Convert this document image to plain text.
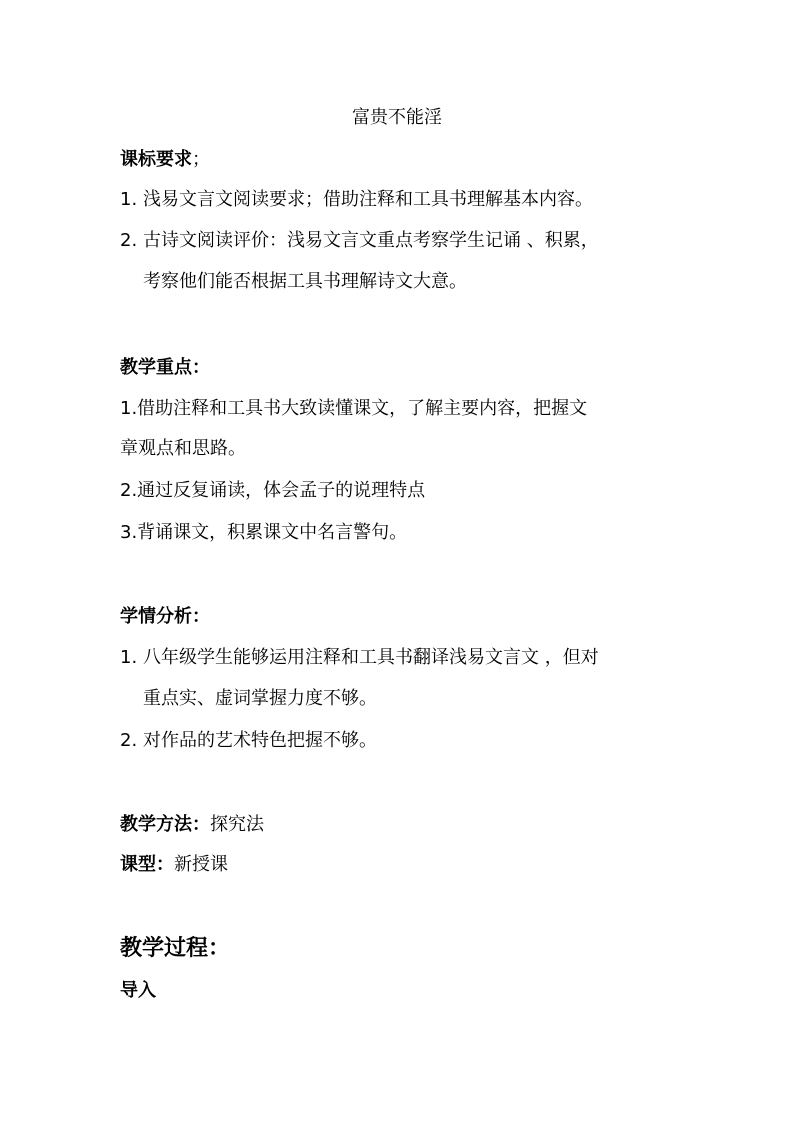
富贵不能淫
课标要求；
1. 浅易文言文阅读要求；借助注释和工具书理解基本内容。
2. 古诗文阅读评价：浅易文言文重点考察学生记诵 、积累，
考察他们能否根据工具书理解诗文大意。
教学重点：
1.借助注释和工具书大致读懂课文，了解主要内容，把握文
章观点和思路。
2.通过反复诵读，体会孟子的说理特点
3.背诵课文，积累课文中名言警句。
学情分析：
1. 八年级学生能够运用注释和工具书翻译浅易文言文 ，但对
重点实、虚词掌握力度不够。
2. 对作品的艺术特色把握不够。
教学方法：探究法
课型：新授课
教学过程：
导入
